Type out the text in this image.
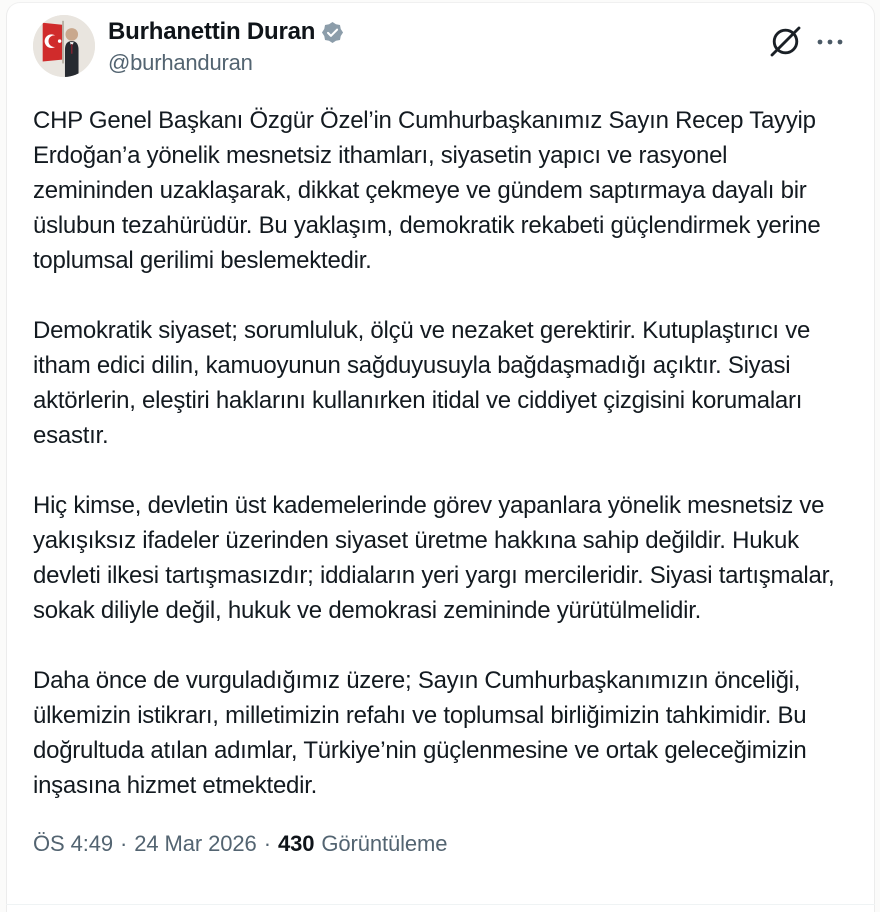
Burhanettin Duran
@burhanduran

CHP Genel Başkanı Özgür Özel’in Cumhurbaşkanımız Sayın Recep Tayyip Erdoğan’a yönelik mesnetsiz ithamları, siyasetin yapıcı ve rasyonel zemininden uzaklaşarak, dikkat çekmeye ve gündem saptırmaya dayalı bir üslubun tezahürüdür. Bu yaklaşım, demokratik rekabeti güçlendirmek yerine toplumsal gerilimi beslemektedir.

Demokratik siyaset; sorumluluk, ölçü ve nezaket gerektirir. Kutuplaştırıcı ve itham edici dilin, kamuoyunun sağduyusuyla bağdaşmadığı açıktır. Siyasi aktörlerin, eleştiri haklarını kullanırken itidal ve ciddiyet çizgisini korumaları esastır.

Hiç kimse, devletin üst kademelerinde görev yapanlara yönelik mesnetsiz ve yakışıksız ifadeler üzerinden siyaset üretme hakkına sahip değildir. Hukuk devleti ilkesi tartışmasızdır; iddiaların yeri yargı mercileridir. Siyasi tartışmalar, sokak diliyle değil, hukuk ve demokrasi zemininde yürütülmelidir.

Daha önce de vurguladığımız üzere; Sayın Cumhurbaşkanımızın önceliği, ülkemizin istikrarı, milletimizin refahı ve toplumsal birliğimizin tahkimidir. Bu doğrultuda atılan adımlar, Türkiye’nin güçlenmesine ve ortak geleceğimizin inşasına hizmet etmektedir.

ÖS 4:49 · 24 Mar 2026 · 430 Görüntüleme
